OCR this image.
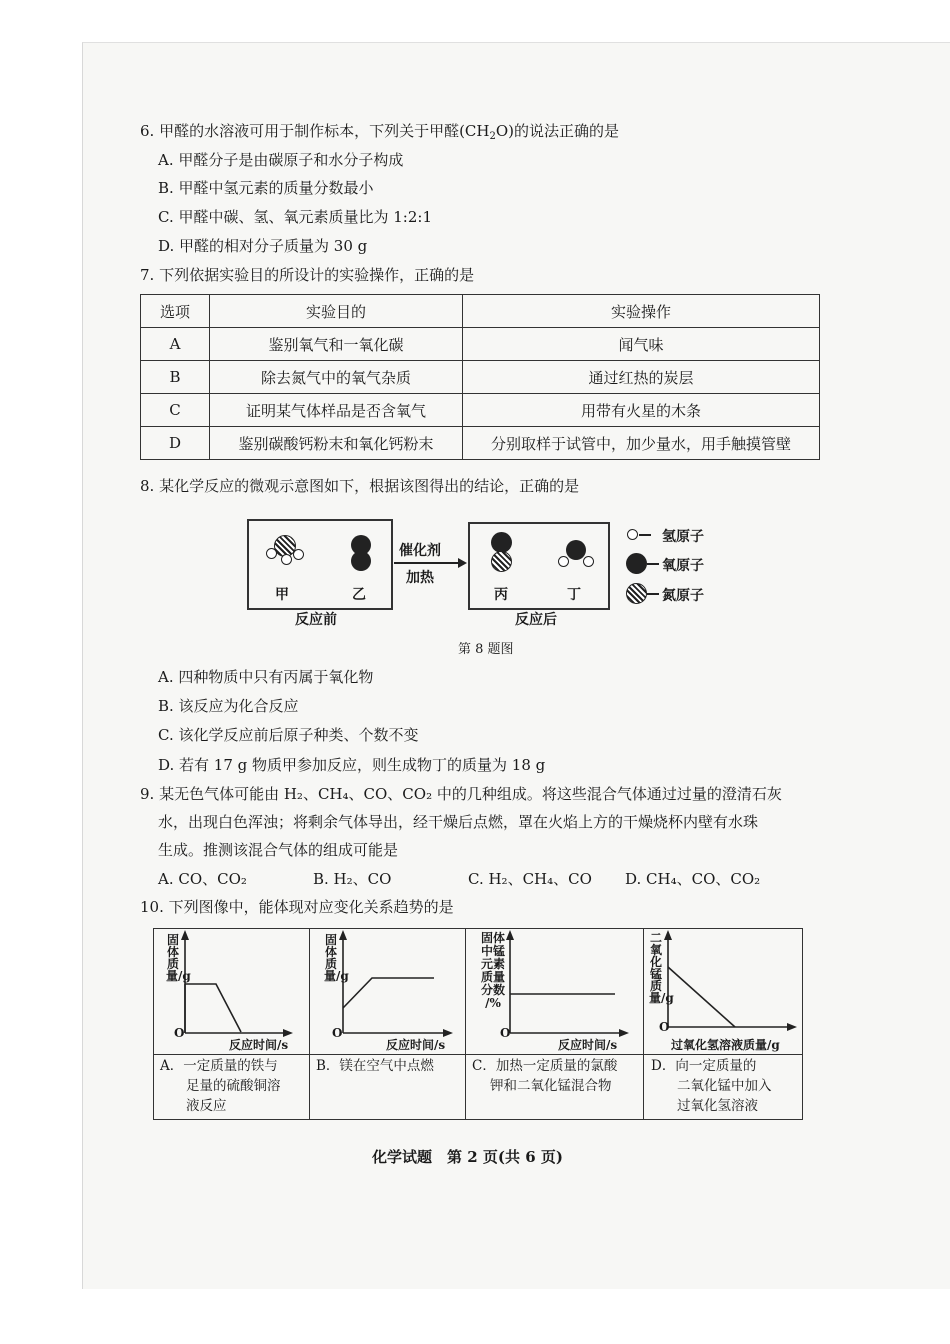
6. 甲醛的水溶液可用于制作标本，下列关于甲醛$(CH_2O)$的说法正确的是
A. 甲醛分子是由碳原子和水分子构成
B. 甲醛中氢元素的质量分数最小
C. 甲醛中碳、氢、氧元素质量比为 1:2:1
D. 甲醛的相对分子质量为 30 g
7. 下列依据实验目的所设计的实验操作，正确的是
选项	实验目的	实验操作
A	鉴别氧气和一氧化碳	闻气味
B	除去氮气中的氧气杂质	通过红热的炭层
C	证明某气体样品是否含氧气	用带有火星的木条
D	鉴别碳酸钙粉末和氧化钙粉末	分别取样于试管中，加少量水，用手触摸管壁
8. 某化学反应的微观示意图如下，根据该图得出的结论，正确的是
甲	乙	丙	丁
反应前	反应后
催化剂
加热
氢原子
氧原子
氮原子
第 8 题图
A. 四种物质中只有丙属于氧化物
B. 该反应为化合反应
C. 该化学反应前后原子种类、个数不变
D. 若有 17 g 物质甲参加反应，则生成物丁的质量为 18 g
9. 某无色气体可能由 H₂、CH₄、CO、CO₂ 中的几种组成。将这些混合气体通过过量的澄清石灰
水，出现白色浑浊；将剩余气体导出，经干燥后点燃，罩在火焰上方的干燥烧杯内壁有水珠
生成。推测该混合气体的组成可能是
A. CO、CO₂	B. H₂、CO	C. H₂、CH₄、CO D. CH₄、CO、CO₂
10. 下列图像中，能体现对应变化关系趋势的是
固体质量/g
反应时间/s
O
固体质量/g
反应时间/s
O
固体
中锰
元素
质量
分数
/%
反应时间/s
O
二氧化锰质量/g
过氧化氢溶液质量/g
O
A．一定质量的铁与
足量的硫酸铜溶
液反应
B．镁在空气中点燃	C．加热一定质量的氯酸
钾和二氧化锰混合物
D．向一定质量的
二氧化锰中加入
过氧化氢溶液
化学试题　第 2 页(共 6 页)
